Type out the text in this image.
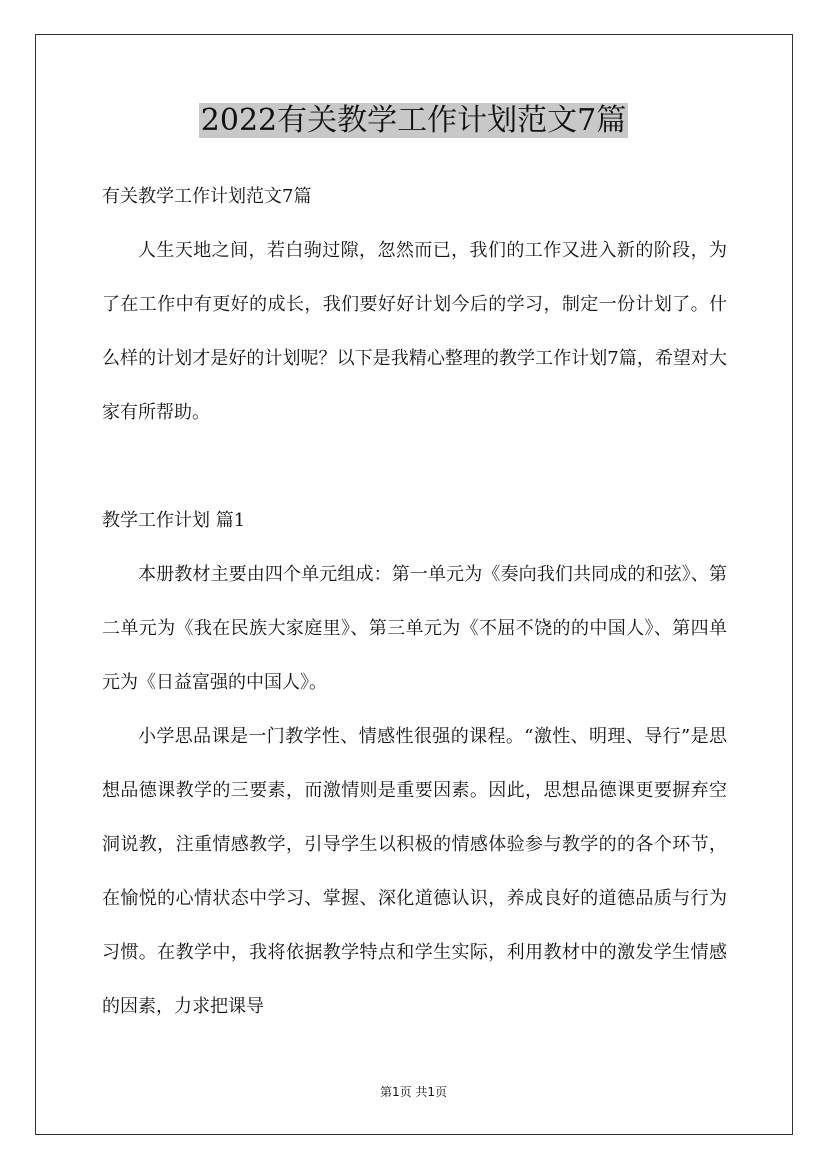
2022有关教学工作计划范文7篇

有关教学工作计划范文7篇

人生天地之间，若白驹过隙，忽然而已，我们的工作又进入新的阶段，为了在工作中有更好的成长，我们要好好计划今后的学习，制定一份计划了。什么样的计划才是好的计划呢？以下是我精心整理的教学工作计划7篇，希望对大家有所帮助。

教学工作计划 篇1

本册教材主要由四个单元组成：第一单元为《奏向我们共同成的和弦》、第二单元为《我在民族大家庭里》、第三单元为《不屈不饶的的中国人》、第四单元为《日益富强的中国人》。

小学思品课是一门教学性、情感性很强的课程。“激性、明理、导行”是思想品德课教学的三要素，而激情则是重要因素。因此，思想品德课更要摒弃空洞说教，注重情感教学，引导学生以积极的情感体验参与教学的的各个环节，在愉悦的心情状态中学习、掌握、深化道德认识，养成良好的道德品质与行为习惯。在教学中，我将依据教学特点和学生实际，利用教材中的激发学生情感的因素，力求把课导

第1页 共1页
